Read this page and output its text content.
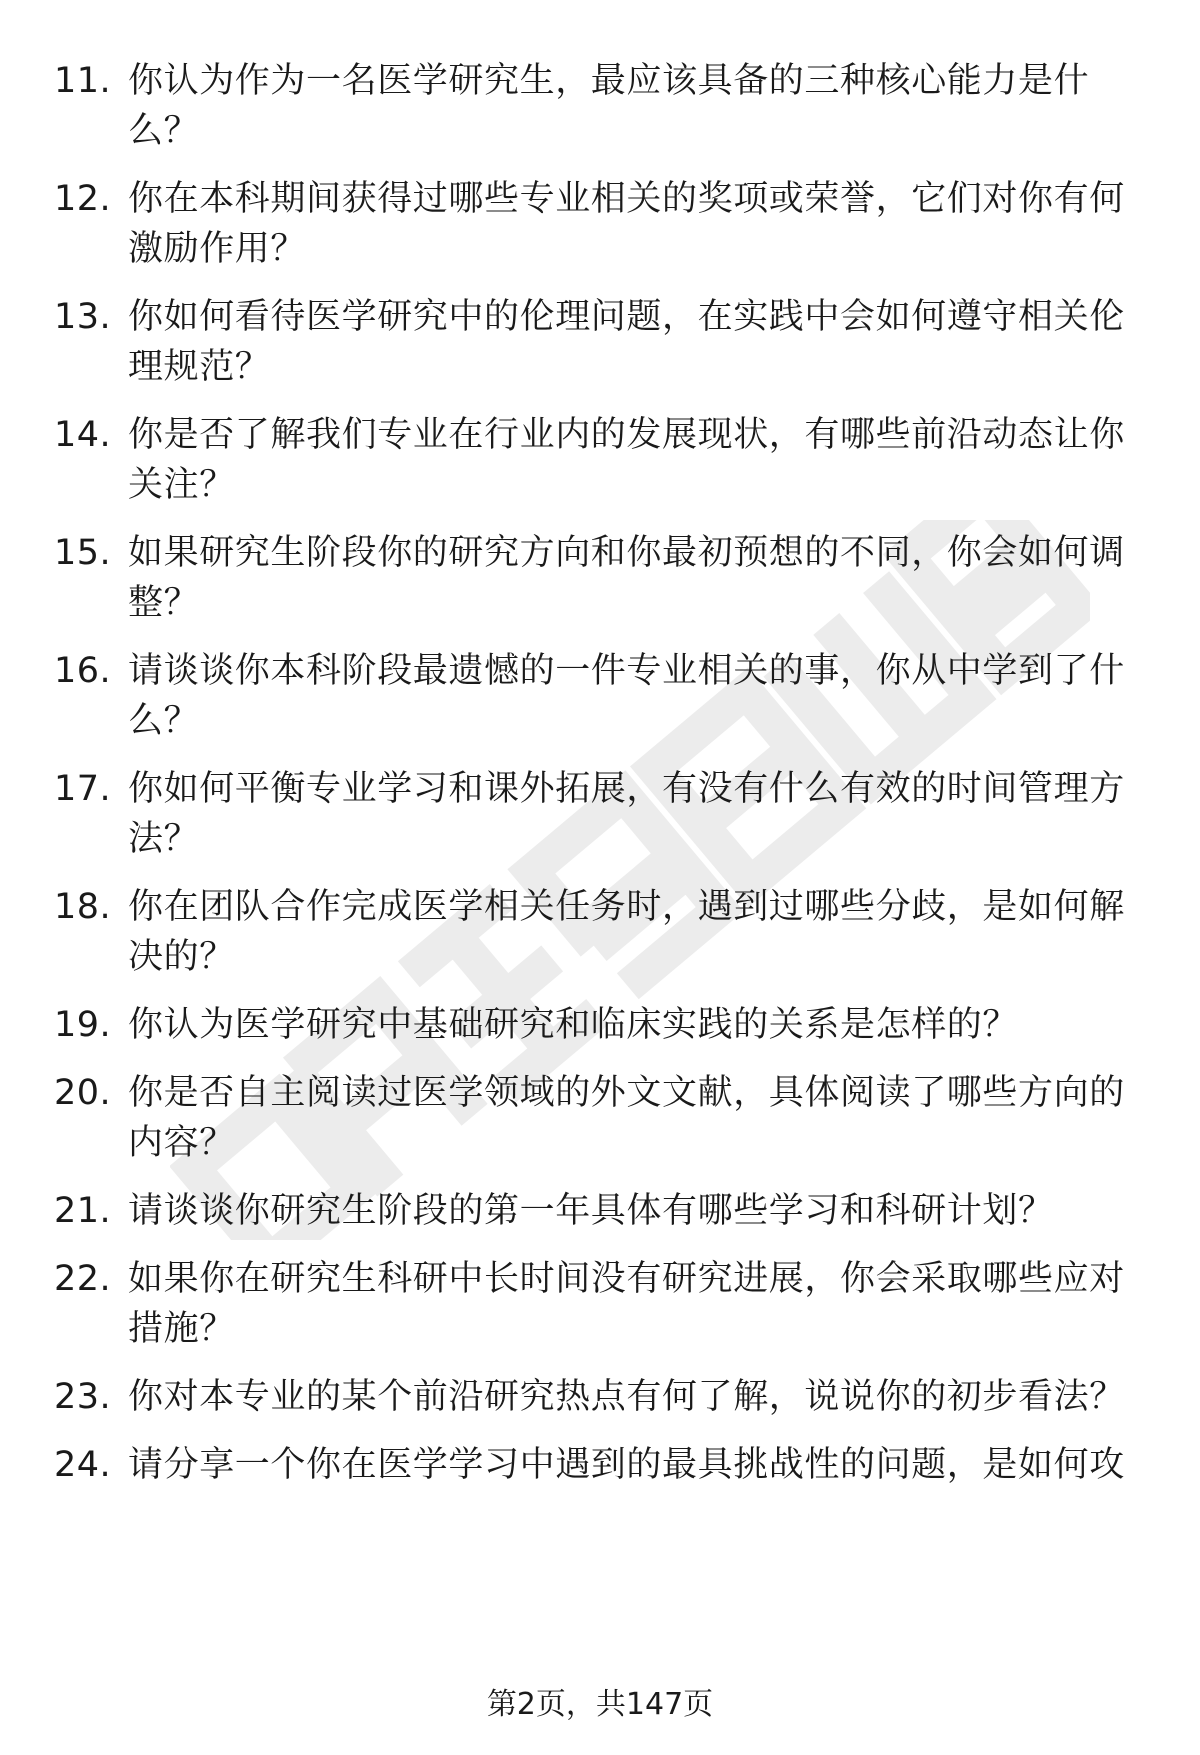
11. 你认为作为一名医学研究生，最应该具备的三种核心能力是什么？
12. 你在本科期间获得过哪些专业相关的奖项或荣誉，它们对你有何激励作用？
13. 你如何看待医学研究中的伦理问题，在实践中会如何遵守相关伦理规范？
14. 你是否了解我们专业在行业内的发展现状，有哪些前沿动态让你关注？
15. 如果研究生阶段你的研究方向和你最初预想的不同，你会如何调整？
16. 请谈谈你本科阶段最遗憾的一件专业相关的事，你从中学到了什么？
17. 你如何平衡专业学习和课外拓展，有没有什么有效的时间管理方法？
18. 你在团队合作完成医学相关任务时，遇到过哪些分歧，是如何解决的？
19. 你认为医学研究中基础研究和临床实践的关系是怎样的？
20. 你是否自主阅读过医学领域的外文文献，具体阅读了哪些方向的内容？
21. 请谈谈你研究生阶段的第一年具体有哪些学习和科研计划？
22. 如果你在研究生科研中长时间没有研究进展，你会采取哪些应对措施？
23. 你对本专业的某个前沿研究热点有何了解，说说你的初步看法？
24. 请分享一个你在医学学习中遇到的最具挑战性的问题，是如何攻
第2页，共147页
